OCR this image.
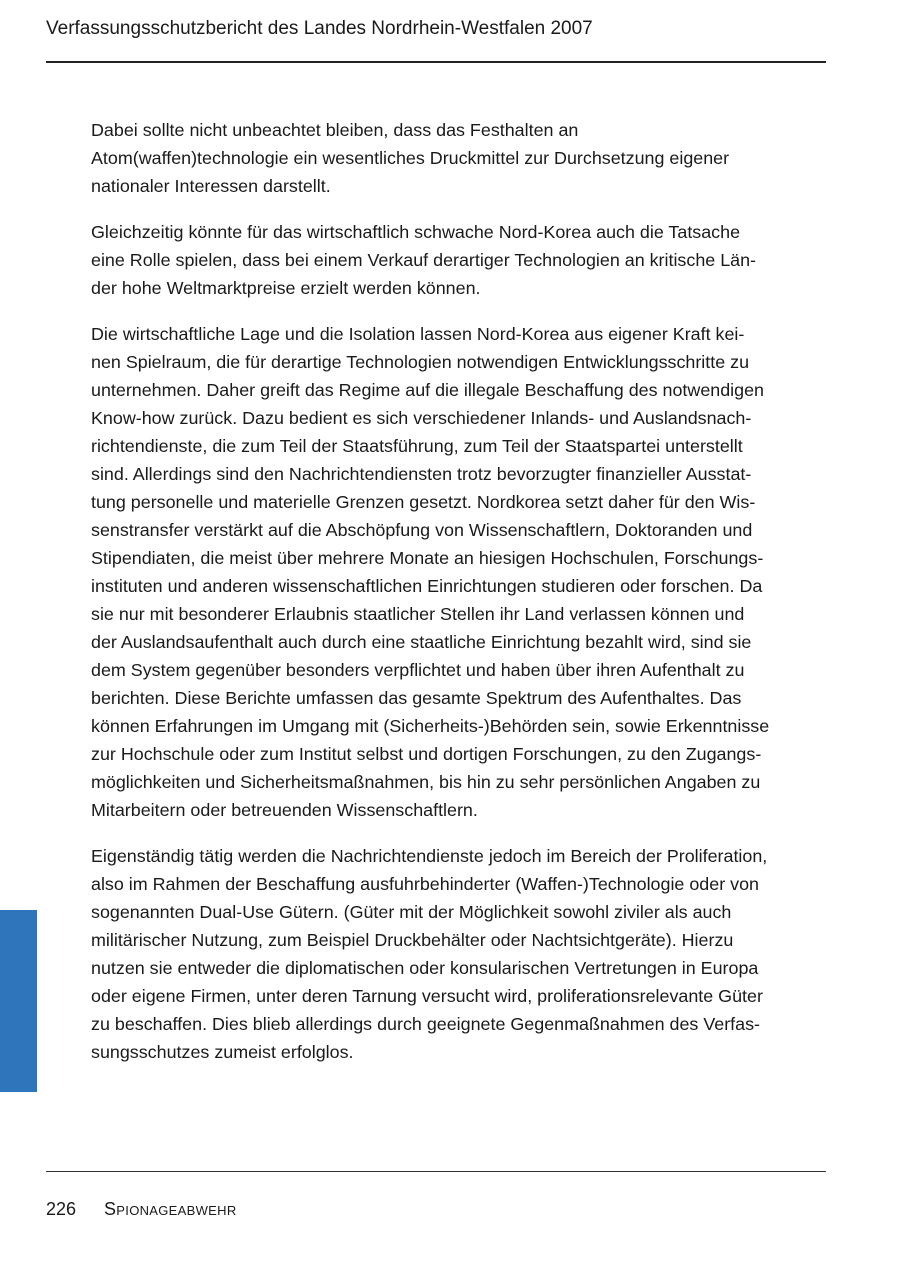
Verfassungsschutzbericht des Landes Nordrhein-Westfalen 2007

Dabei sollte nicht unbeachtet bleiben, dass das Festhalten an
Atom(waffen)technologie ein wesentliches Druckmittel zur Durchsetzung eigener
nationaler Interessen darstellt.

Gleichzeitig könnte für das wirtschaftlich schwache Nord-Korea auch die Tatsache
eine Rolle spielen, dass bei einem Verkauf derartiger Technologien an kritische Län-
der hohe Weltmarktpreise erzielt werden können.

Die wirtschaftliche Lage und die Isolation lassen Nord-Korea aus eigener Kraft kei-
nen Spielraum, die für derartige Technologien notwendigen Entwicklungsschritte zu
unternehmen. Daher greift das Regime auf die illegale Beschaffung des notwendigen
Know-how zurück. Dazu bedient es sich verschiedener Inlands- und Auslandsnach-
richtendienste, die zum Teil der Staatsführung, zum Teil der Staatspartei unterstellt
sind. Allerdings sind den Nachrichtendiensten trotz bevorzugter finanzieller Ausstat-
tung personelle und materielle Grenzen gesetzt. Nordkorea setzt daher für den Wis-
senstransfer verstärkt auf die Abschöpfung von Wissenschaftlern, Doktoranden und
Stipendiaten, die meist über mehrere Monate an hiesigen Hochschulen, Forschungs-
instituten und anderen wissenschaftlichen Einrichtungen studieren oder forschen. Da
sie nur mit besonderer Erlaubnis staatlicher Stellen ihr Land verlassen können und
der Auslandsaufenthalt auch durch eine staatliche Einrichtung bezahlt wird, sind sie
dem System gegenüber besonders verpflichtet und haben über ihren Aufenthalt zu
berichten. Diese Berichte umfassen das gesamte Spektrum des Aufenthaltes. Das
können Erfahrungen im Umgang mit (Sicherheits-)Behörden sein, sowie Erkenntnisse
zur Hochschule oder zum Institut selbst und dortigen Forschungen, zu den Zugangs-
möglichkeiten und Sicherheitsmaßnahmen, bis hin zu sehr persönlichen Angaben zu
Mitarbeitern oder betreuenden Wissenschaftlern.

Eigenständig tätig werden die Nachrichtendienste jedoch im Bereich der Proliferation,
also im Rahmen der Beschaffung ausfuhrbehinderter (Waffen-)Technologie oder von
sogenannten Dual-Use Gütern. (Güter mit der Möglichkeit sowohl ziviler als auch
militärischer Nutzung, zum Beispiel Druckbehälter oder Nachtsichtgeräte). Hierzu
nutzen sie entweder die diplomatischen oder konsularischen Vertretungen in Europa
oder eigene Firmen, unter deren Tarnung versucht wird, proliferationsrelevante Güter
zu beschaffen. Dies blieb allerdings durch geeignete Gegenmaßnahmen des Verfas-
sungsschutzes zumeist erfolglos.

226 Spionageabwehr
